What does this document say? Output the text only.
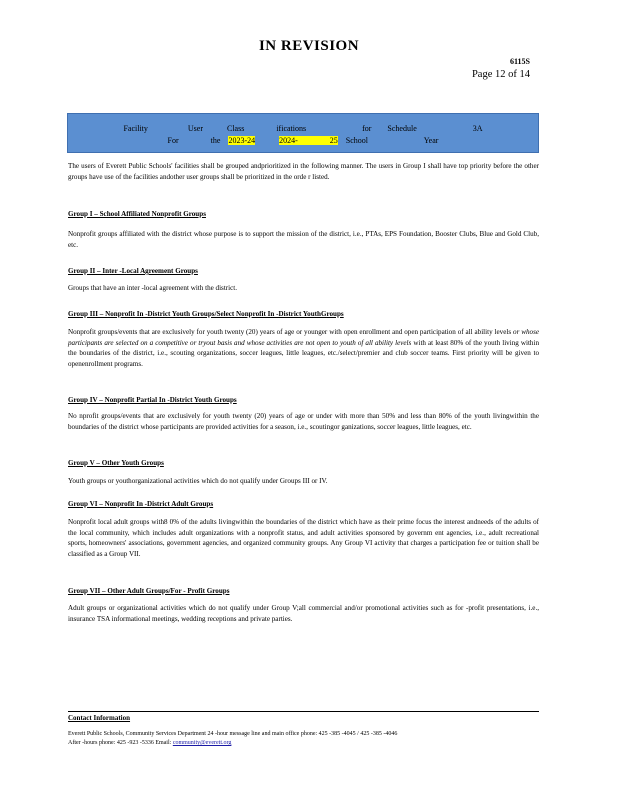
IN REVISION
6115S
Page 12 of 14
Facility     User   Class    ifications       for  Schedule       3A
For    the 2023-24	2024-    25 School       Year
The users of Everett Public Schools' facilities shall be grouped andprioritized in the following manner. The users in Group I shall have top priority before the other groups have use of the facilities andother user groups shall be prioritized in the orde r listed.
Group I – School Affiliated Nonprofit Groups
Nonprofit groups affiliated with the district whose purpose is to support the mission of the district, i.e., PTAs, EPS Foundation, Booster Clubs, Blue and Gold Club, etc.
Group II – Inter -Local Agreement Groups
Groups that have an inter -local agreement with the district.
Group III – Nonprofit In -District Youth Groups/Select Nonprofit In -District YouthGroups
Nonprofit groups/events that are exclusively for youth twenty (20) years of age or younger with open enrollment and open participation of all ability levels or whose participants are selected on a competitive or tryout basis and whose activities are not open to youth of all ability levels with at least 80% of the youth living within the boundaries of the district, i.e., scouting organizations, soccer leagues, little leagues, etc./select/premier and club soccer teams. First priority will be given to openenrollment programs.
Group IV – Nonprofit Partial In -District Youth Groups
No nprofit groups/events that are exclusively for youth twenty (20) years of age or under with more than 50% and less than 80% of the youth livingwithin the boundaries of the district whose participants are provided activities for a season, i.e., scoutingor ganizations, soccer leagues, little leagues, etc.
Group V – Other Youth Groups
Youth groups or youthorganizational activities which do not qualify under Groups III or IV.
Group VI – Nonprofit In -District Adult Groups
Nonprofit local adult groups with8 0% of the adults livingwithin the boundaries of the district which have as their prime focus the interest andneeds of the adults of the local community, which includes adult organizations with a nonprofit status, and adult activities sponsored by governm ent agencies, i.e., adult recreational sports, homeowners' associations, government agencies, and organized community groups. Any Group VI activity that charges a participation fee or tuition shall be classified as a Group VII.
Group VII – Other Adult Groups/For - Profit Groups
Adult groups or organizational activities which do not qualify under Group V;all commercial and/or promotional activities such as for -profit presentations, i.e., insurance TSA informational meetings, wedding receptions and private parties.
Contact Information
Everett Public Schools, Community Services Department 24 -hour message line and main office phone: 425 -385 -4045 / 425 -385 -4046
After -hours phone: 425 -923 -5336 Email: community@everett.org
